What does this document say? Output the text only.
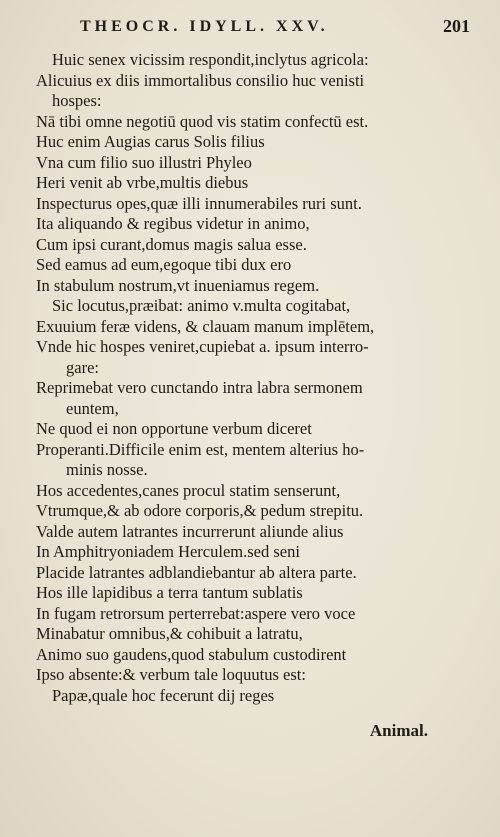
THEOCR. IDYLL. XXV.	201
Huic senex vicissim respondit,inclytus agricola:
Alicuius ex diis immortalibus consilio huc venisti
hospes:
Nā tibi omne negotiū quod vis statim confectū est.
Huc enim Augias carus Solis filius
Vna cum filio suo illustri Phyleo
Heri venit ab vrbe,multis diebus
Inspecturus opes,quæ illi innumerabiles ruri sunt.
Ita aliquando & regibus videtur in animo,
Cum ipsi curant,domus magis salua esse.
Sed eamus ad eum,egoque tibi dux ero
In stabulum nostrum,vt inueniamus regem.
Sic locutus,præibat: animo v.multa cogitabat,
Exuuium feræ videns, & clauam manum implētem,
Vnde hic hospes veniret,cupiebat a. ipsum interro-
gare:
Reprimebat vero cunctando intra labra sermonem
euntem,
Ne quod ei non opportune verbum diceret
Properanti.Difficile enim est, mentem alterius ho-
minis nosse.
Hos accedentes,canes procul statim senserunt,
Vtrumque,& ab odore corporis,& pedum strepitu.
Valde autem latrantes incurrerunt aliunde alius
In Amphitryoniadem Herculem.sed seni
Placide latrantes adblandiebantur ab altera parte.
Hos ille lapidibus a terra tantum sublatis
In fugam retrorsum perterrebat:aspere vero voce
Minabatur omnibus,& cohibuit a latratu,
Animo suo gaudens,quod stabulum custodirent
Ipso absente:& verbum tale loquutus est:
Papæ,quale hoc fecerunt dij reges
Animal.
